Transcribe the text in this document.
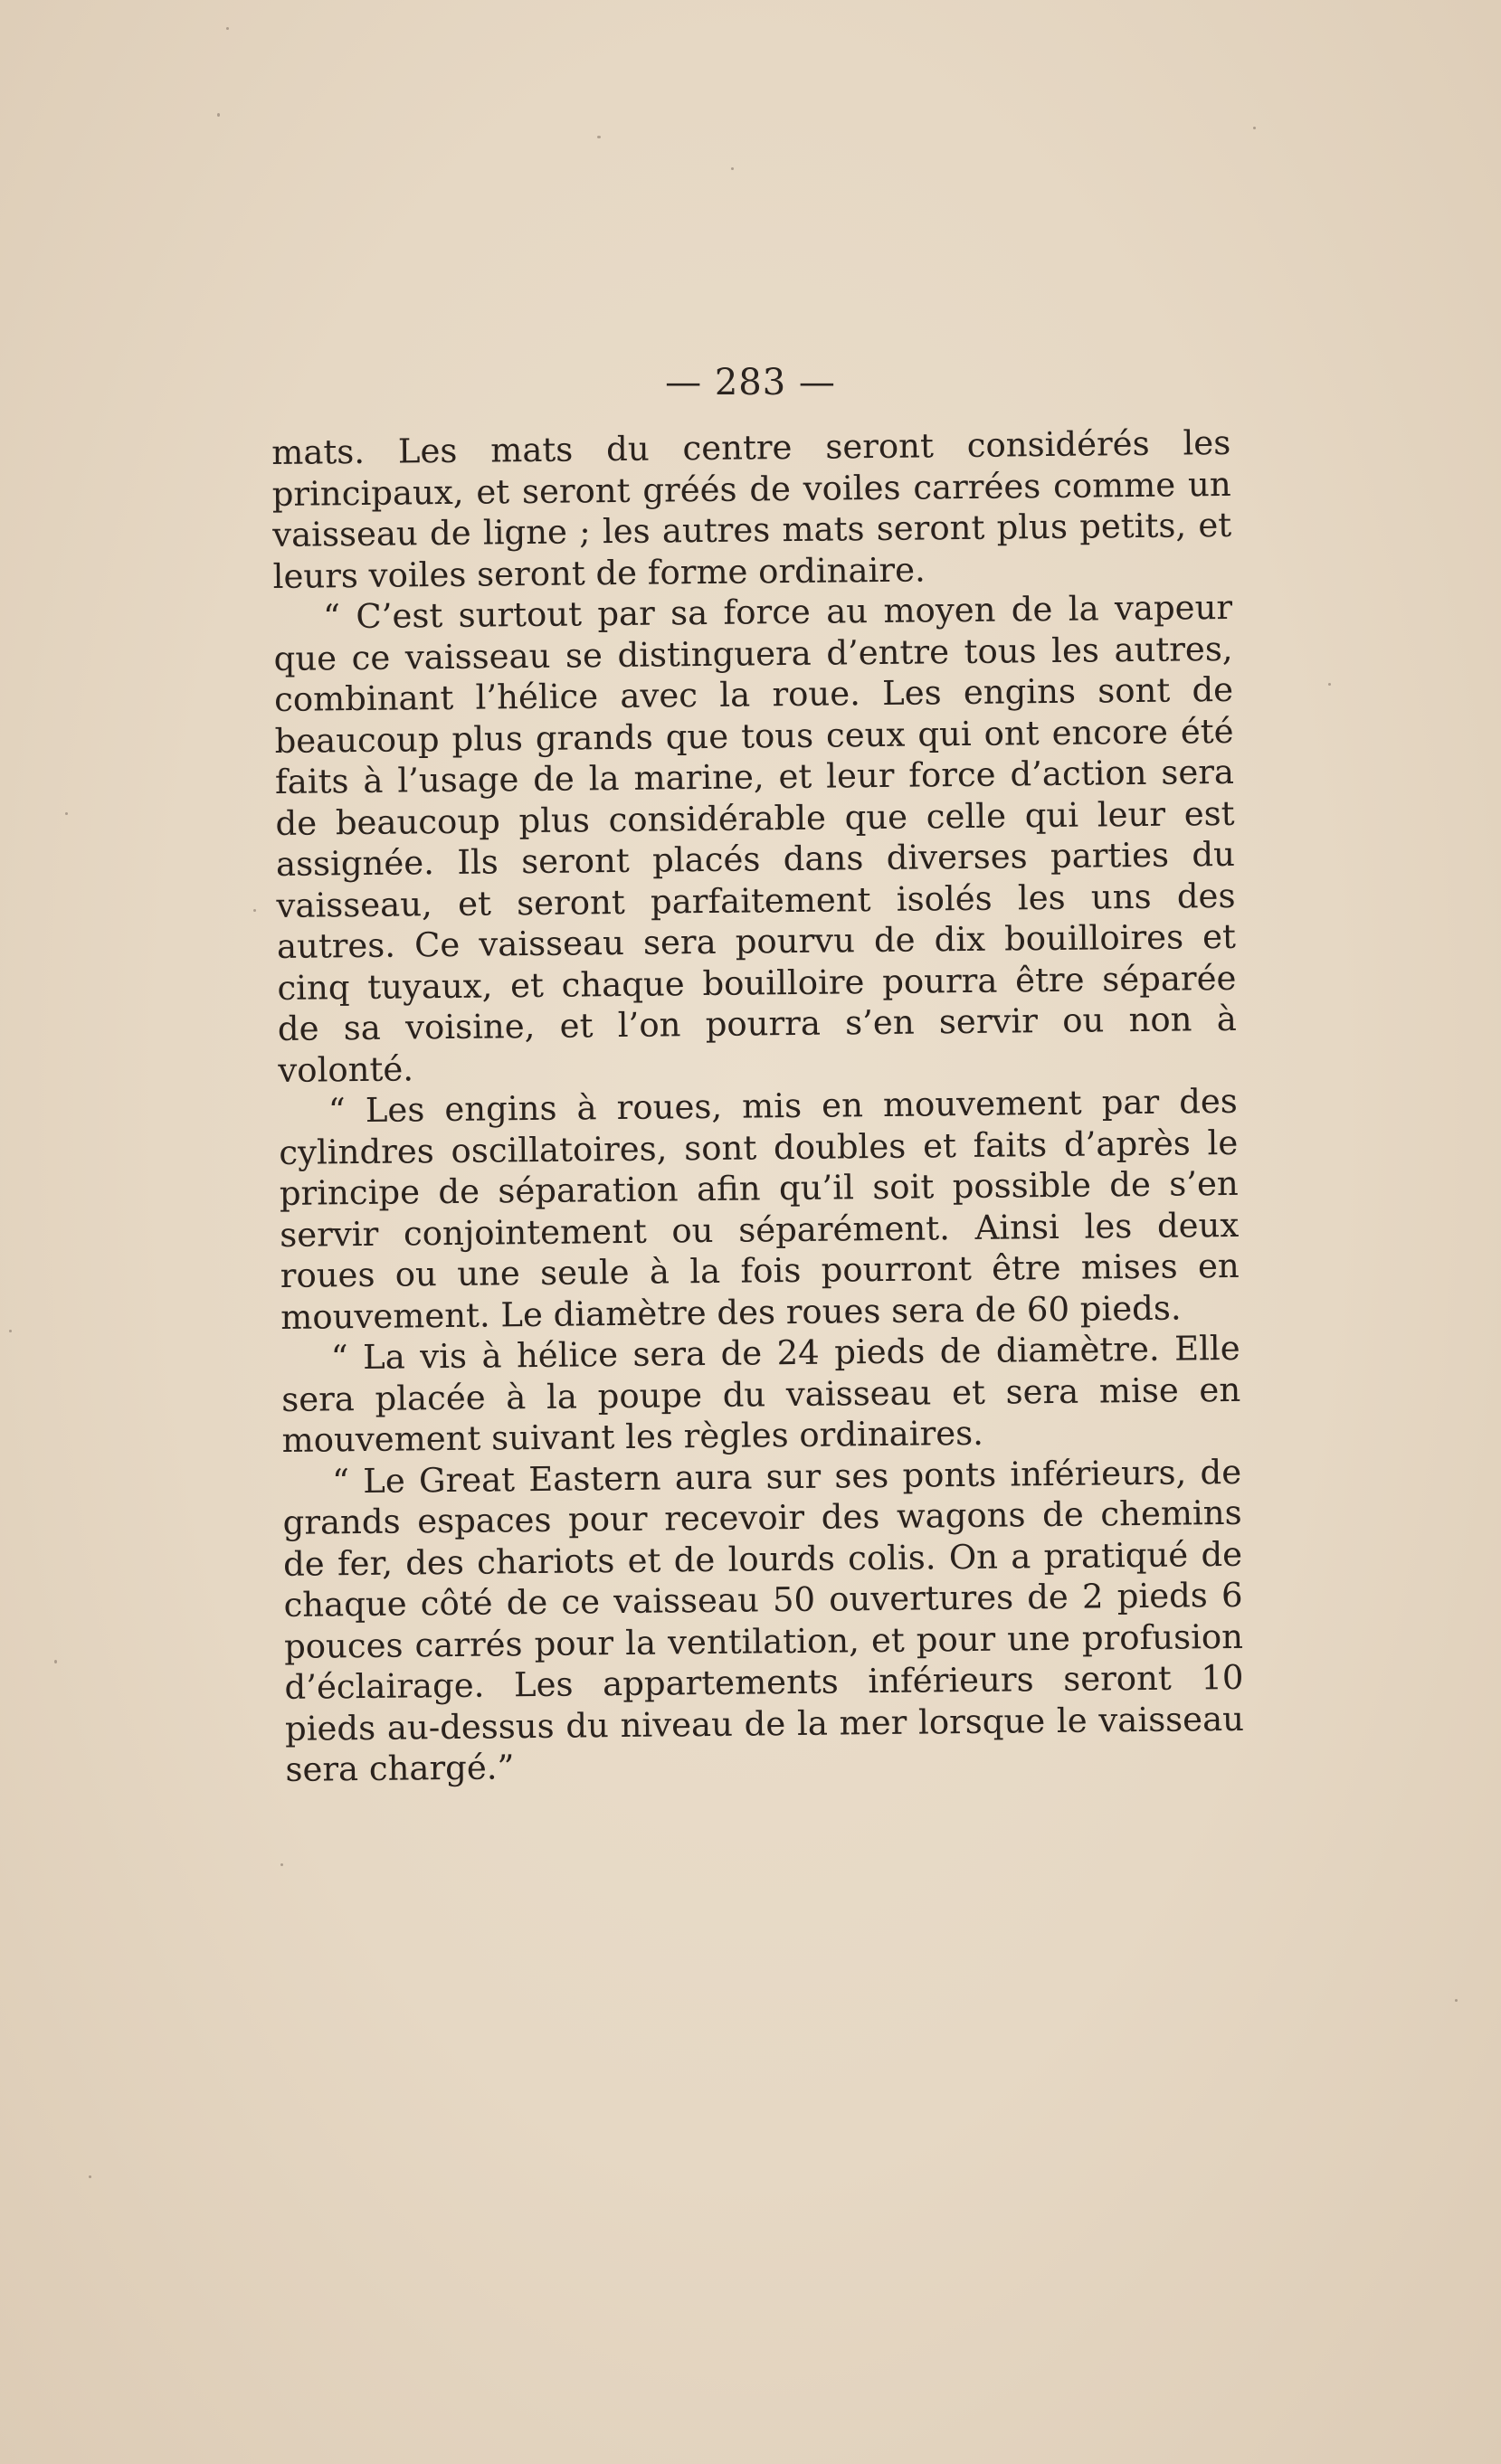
— 283 —

mats. Les mats du centre seront considérés les principaux, et seront gréés de voiles carrées comme un vaisseau de ligne ; les autres mats seront plus petits, et leurs voiles seront de forme ordinaire.

“ C’est surtout par sa force au moyen de la vapeur que ce vaisseau se distinguera d’entre tous les autres, combinant l’hélice avec la roue. Les engins sont de beaucoup plus grands que tous ceux qui ont encore été faits à l’usage de la marine, et leur force d’action sera de beaucoup plus considérable que celle qui leur est assignée. Ils seront placés dans diverses parties du vaisseau, et seront parfaitement isolés les uns des autres. Ce vaisseau sera pourvu de dix bouilloires et cinq tuyaux, et chaque bouilloire pourra être séparée de sa voisine, et l’on pourra s’en servir ou non à volonté.

“ Les engins à roues, mis en mouvement par des cylindres oscillatoires, sont doubles et faits d’après le principe de séparation afin qu’il soit possible de s’en servir conjointement ou séparément. Ainsi les deux roues ou une seule à la fois pourront être mises en mouvement. Le diamètre des roues sera de 60 pieds.

“ La vis à hélice sera de 24 pieds de diamètre. Elle sera placée à la poupe du vaisseau et sera mise en mouvement suivant les règles ordinaires.

“ Le Great Eastern aura sur ses ponts inférieurs, de grands espaces pour recevoir des wagons de chemins de fer, des chariots et de lourds colis. On a pratiqué de chaque côté de ce vaisseau 50 ouvertures de 2 pieds 6 pouces carrés pour la ventilation, et pour une profusion d’éclairage. Les appartements inférieurs seront 10 pieds au-dessus du niveau de la mer lorsque le vaisseau sera chargé.”
